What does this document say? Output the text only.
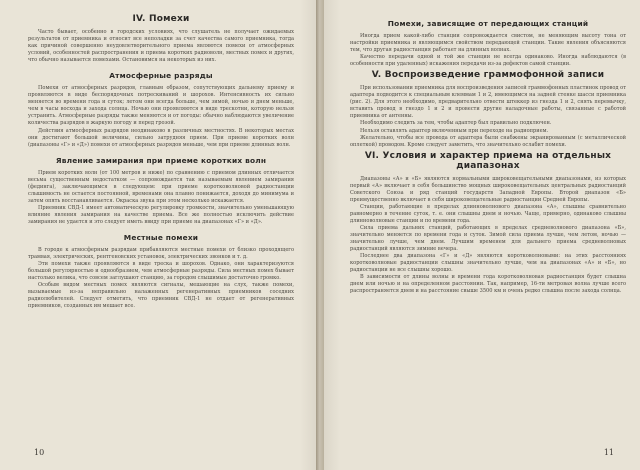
IV. Помехи

Часто бывает, особенно в городских условиях, что слушатель не получает ожидаемых результатов от приемника и относит все неполадки за счет качества самого приемника, тогда как причиной совершенно неудовлетворительного приема являются помехи от атмосферных условий, особенностей распространения и приема коротких радиоволн, местных помех и других, что обычно называется помехами. Остановимся на некоторых из них.

Атмосферные разряды

Помехи от атмосферных разрядов, главным образом, сопутствующих дальнему приему и проявляются в виде беспорядочных потрескиваний и шорохов. Интенсивность их сильно меняется во времени года и суток; летом они всегда больше, чем зимой, ночью и днем меньше, чем в часы восхода и захода солнца. Ночью они проявляются в виде трескотни, которую нельзя устранить. Атмосферные разряды также меняются и от погоды: обычно наблюдаются увеличение количества разрядов в жаркую погоду и перед грозой.

Действия атмосферных разрядов неодинаково в различных местностях. В некоторых местах они достигают большой величины, сильно затрудняя прием. При приеме коротких волн (диапазоны «Г» и «Д») помехи от атмосферных разрядов меньше, чем при приеме длинных волн.

Явление замирания при приеме коротких волн

Прием коротких волн (от 100 метров и ниже) по сравнению с приемом длинных отличается весьма существенным недостатком — сопровождается так называемым явлением замирания (фединга), заключающимся в следующем: при приеме коротковолновой радиостанции слышимость не остается постоянной, временами она плавно понижается, доходя до минимума и затем опять восстанавливается. Окраска звука при этом несколько искажается.

Приемник СВД-1 имеет автоматическую регулировку громкости, значительно уменьшающую влияние явления замирания на качестве приема. Все же полностью исключить действие замирания не удается и это следует иметь ввиду при приеме на диапазонах «Г» и «Д».

Местные помехи

В городе к атмосферным разрядам прибавляются местные помехи от близко проходящего трамвая, электрических, рентгеновских установок, электрических звонков и т. д.

Эти помехи также проявляются в виде треска и шорохов. Однако, они характеризуются большой регулярностью и однообразием, чем атмосферные разряды. Сила местных помех бывает настолько велика, что совсем заглушают станцию, за городом слышимые достаточно громко.

Особым видом местных помех являются сигналы, мешающие на слух, также помехи, вызываемые из-за неправильно налаженных регенеративных приемников соседних радиолюбителей. Следует отметить, что приемник СВД-1 не отдает от регенеративных приемников, созданных им мешает все.

10
Помехи, зависящие от передающих станций

Иногда прием какой-либо станции сопровождается свистом, не меняющим высоту тона от настройки приемника и являющимся свойством передающей станции. Такие явления объясняются тем, что другая радиостанция работает на длинных волнах.

Качество передачи одной и той же станции не всегда одинаково. Иногда наблюдаются (в особенности при удаленных) искажения передачи из-за дефектов самой станции.

V. Воспроизведение граммофонной записи

При использовании приемника для воспроизведения записей граммофонных пластинок провод от адаптера подводится к специальным клеммам 1 и 2, имеющимся на задней стенке шасси приемника (рис. 2). Для этого необходимо, предварительно отвести штеккер из гнезда 1 и 2, снять перемычку, вставить провод в гнездо 1 и 2 и провести другие наладочные работы, связанные с работой приемника от антенны.

Необходимо следить за тем, чтобы адаптер был правильно подключен.

Нельзя оставлять адаптер включенным при переходе на радиоприем.

Желательно, чтобы все провода от адаптера были снабжены экранированным (с металлической оплеткой) проводом. Кроме следует заметить, что значительно ослабит помехи.

VI. Условия и характер приема на отдельных диапазонах

Диапазоны «А» и «Б» являются нормальными широковещательными диапазонами, из которых первый «А» включает в себя большинство мощных широковещательных центральных радиостанций Советского Союза и ряд станций государств Западной Европы. Второй диапазон «Б» преимущественно включает в себя широковещательные радиостанции Средней Европы.

Станции, работающие в пределах длинноволнового диапазона «А», слышны сравнительно равномерно в течение суток, т. е. они слышны днем и ночью. Чаще, примерно, одинаково слышны длинноволновые станции и по времени года.

Сила приема дальних станций, работающих в пределах средневолнового диапазона «Б», значительно меняется по времени года и суток. Зимой сила приема лучше, чем летом, ночью — значительно лучше, чем днем. Лучшим временем для дальнего приема средневолновых радиостанций являются зимние вечера.

Последнее два диапазона «Г» и «Д» являются коротковолновыми: на этих расстояниях коротковолновые радиостанции слышны значительно лучше, чем на диапазонах «А» и «Б», но радиостанции не все слышны хорошо.

В зависимости от длины волны и времени года коротковолновая радиостанция будет слышна днем или ночью и на определенном расстоянии. Так, например, 16-ти метровая волна лучше всего распространяется днем и на расстояние свыше 3500 км и очень редко слышна после захода солнца.

11
